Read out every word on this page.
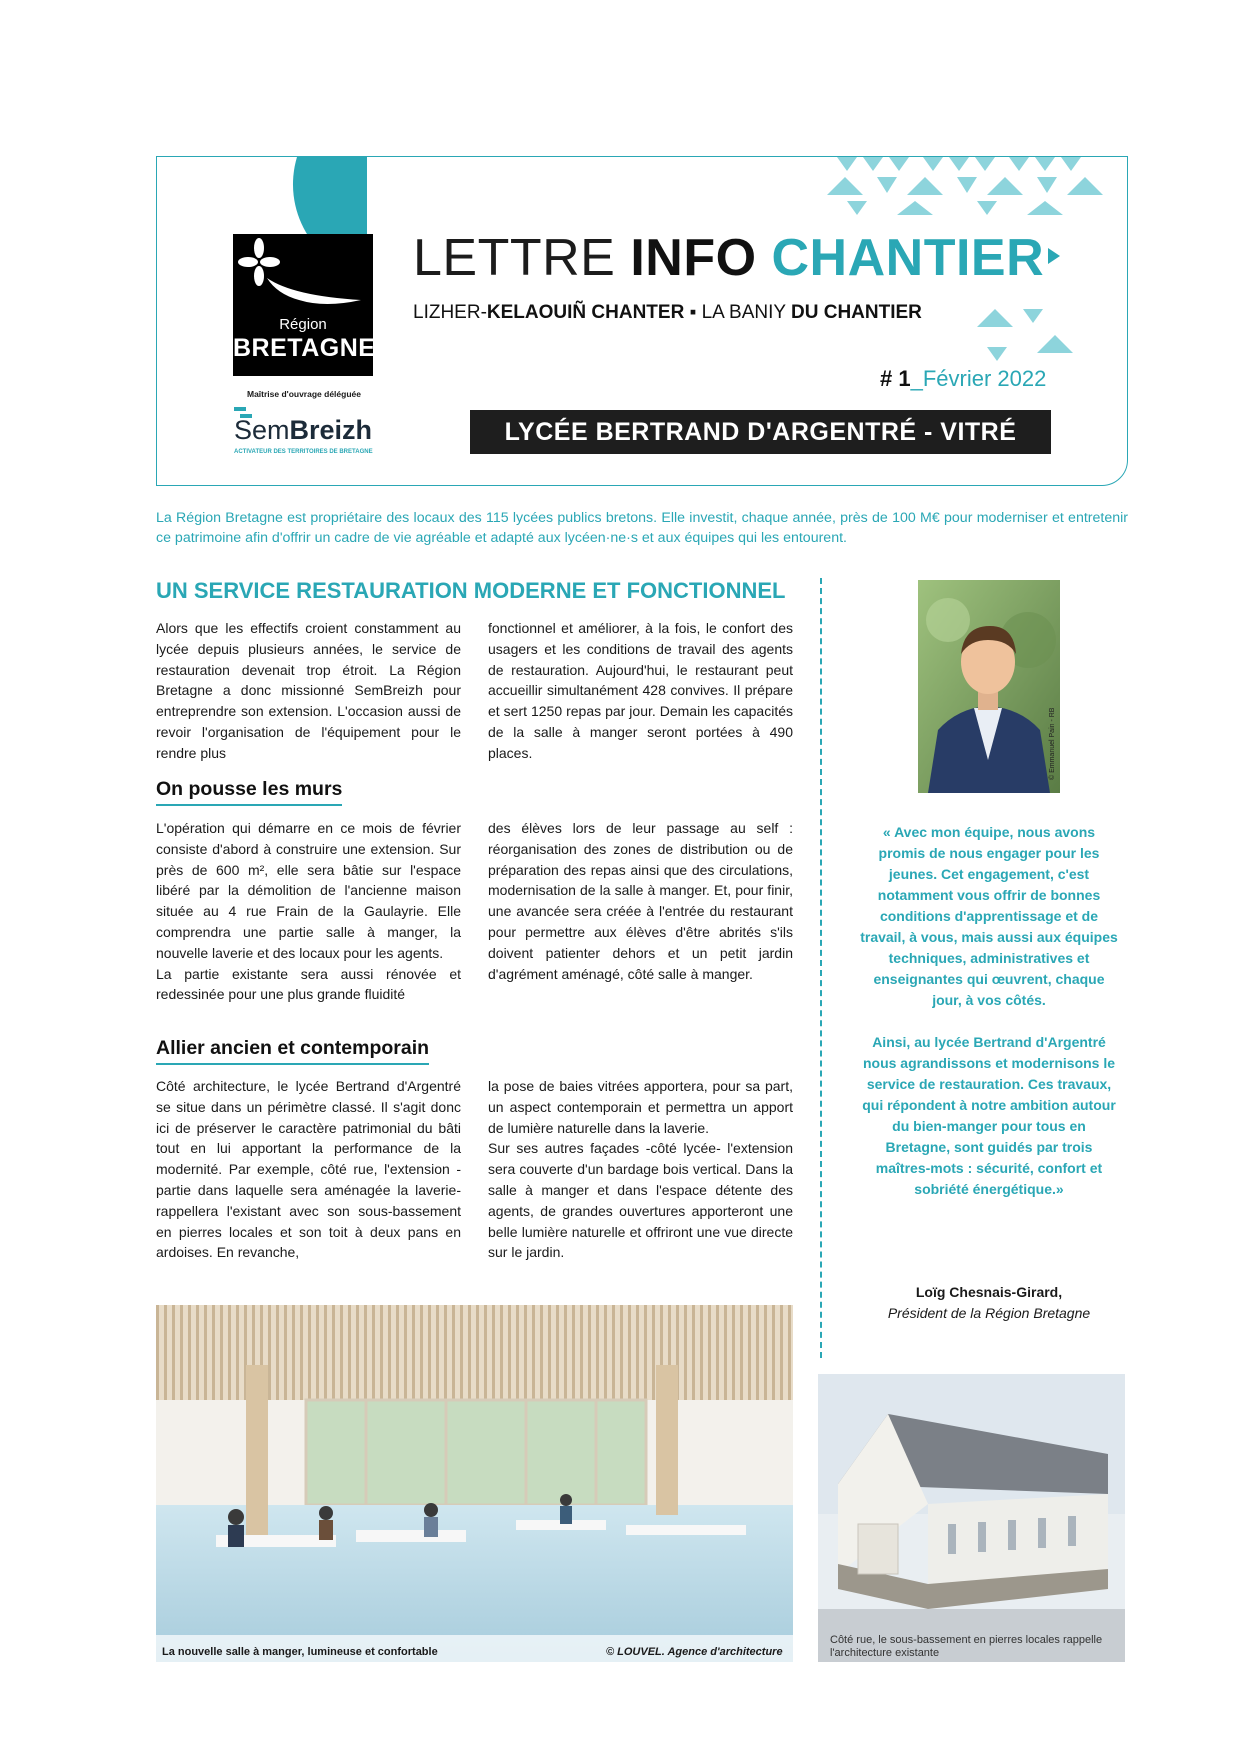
Région
BRETAGNE
Maîtrise d'ouvrage déléguée
SemBreizh
ACTIVATEUR DES TERRITOIRES DE BRETAGNE
LETTRE INFO CHANTIER
LIZHER-KELAOUIÑ CHANTER ▪ LA BANIY DU CHANTIER
# 1_Février 2022
LYCÉE BERTRAND D'ARGENTRÉ - VITRÉ
La Région Bretagne est propriétaire des locaux des 115 lycées publics bretons. Elle investit, chaque année, près de 100 M€ pour moderniser et entretenir ce patrimoine afin d'offrir un cadre de vie agréable et adapté aux lycéen·ne·s et aux équipes qui les entourent.
UN SERVICE RESTAURATION MODERNE ET FONCTIONNEL

Alors que les effectifs croient constamment au lycée depuis plusieurs années, le service de restauration devenait trop étroit. La Région Bretagne a donc missionné SemBreizh pour entreprendre son extension. L'occasion aussi de revoir l'organisation de l'équipement pour le rendre plus

fonctionnel et améliorer, à la fois, le confort des usagers et les conditions de travail des agents de restauration. Aujourd'hui, le restaurant peut accueillir simultanément 428 convives. Il prépare et sert 1250 repas par jour. Demain les capacités de la salle à manger seront portées à 490 places.

On pousse les murs

L'opération qui démarre en ce mois de février consiste d'abord à construire une extension. Sur près de 600 m², elle sera bâtie sur l'espace libéré par la démolition de l'ancienne maison située au 4 rue Frain de la Gaulayrie. Elle comprendra une partie salle à manger, la nouvelle laverie et des locaux pour les agents.

La partie existante sera aussi rénovée et redessinée pour une plus grande fluidité

des élèves lors de leur passage au self : réorganisation des zones de distribution ou de préparation des repas ainsi que des circulations, modernisation de la salle à manger. Et, pour finir, une avancée sera créée à l'entrée du restaurant pour permettre aux élèves d'être abrités s'ils doivent patienter dehors et un petit jardin d'agrément aménagé, côté salle à manger.

Allier ancien et contemporain

Côté architecture, le lycée Bertrand d'Argentré se situe dans un périmètre classé. Il s'agit donc ici de préserver le caractère patrimonial du bâti tout en lui apportant la performance de la modernité. Par exemple, côté rue, l'extension -partie dans laquelle sera aménagée la laverie- rappellera l'existant avec son sous-bassement en pierres locales et son toit à deux pans en ardoises. En revanche,

la pose de baies vitrées apportera, pour sa part, un aspect contemporain et permettra un apport de lumière naturelle dans la laverie.

Sur ses autres façades -côté lycée- l'extension sera couverte d'un bardage bois vertical. Dans la salle à manger et dans l'espace détente des agents, de grandes ouvertures apporteront une belle lumière naturelle et offriront une vue directe sur le jardin.

© Emmanuel Pain - RB

« Avec mon équipe, nous avons promis de nous engager pour les jeunes. Cet engagement, c'est notamment vous offrir de bonnes conditions d'apprentissage et de travail, à vous, mais aussi aux équipes techniques, administratives et enseignantes qui œuvrent, chaque jour, à vos côtés.

Ainsi, au lycée Bertrand d'Argentré nous agrandissons et modernisons le service de restauration. Ces travaux, qui répondent à notre ambition autour du bien-manger pour tous en Bretagne, sont guidés par trois maîtres-mots : sécurité, confort et sobriété énergétique.»

Loïg Chesnais-Girard,
Président de la Région Bretagne
La nouvelle salle à manger, lumineuse et confortable	© LOUVEL. Agence d'architecture
Côté rue, le sous-bassement en pierres locales rappelle l'architecture existante
